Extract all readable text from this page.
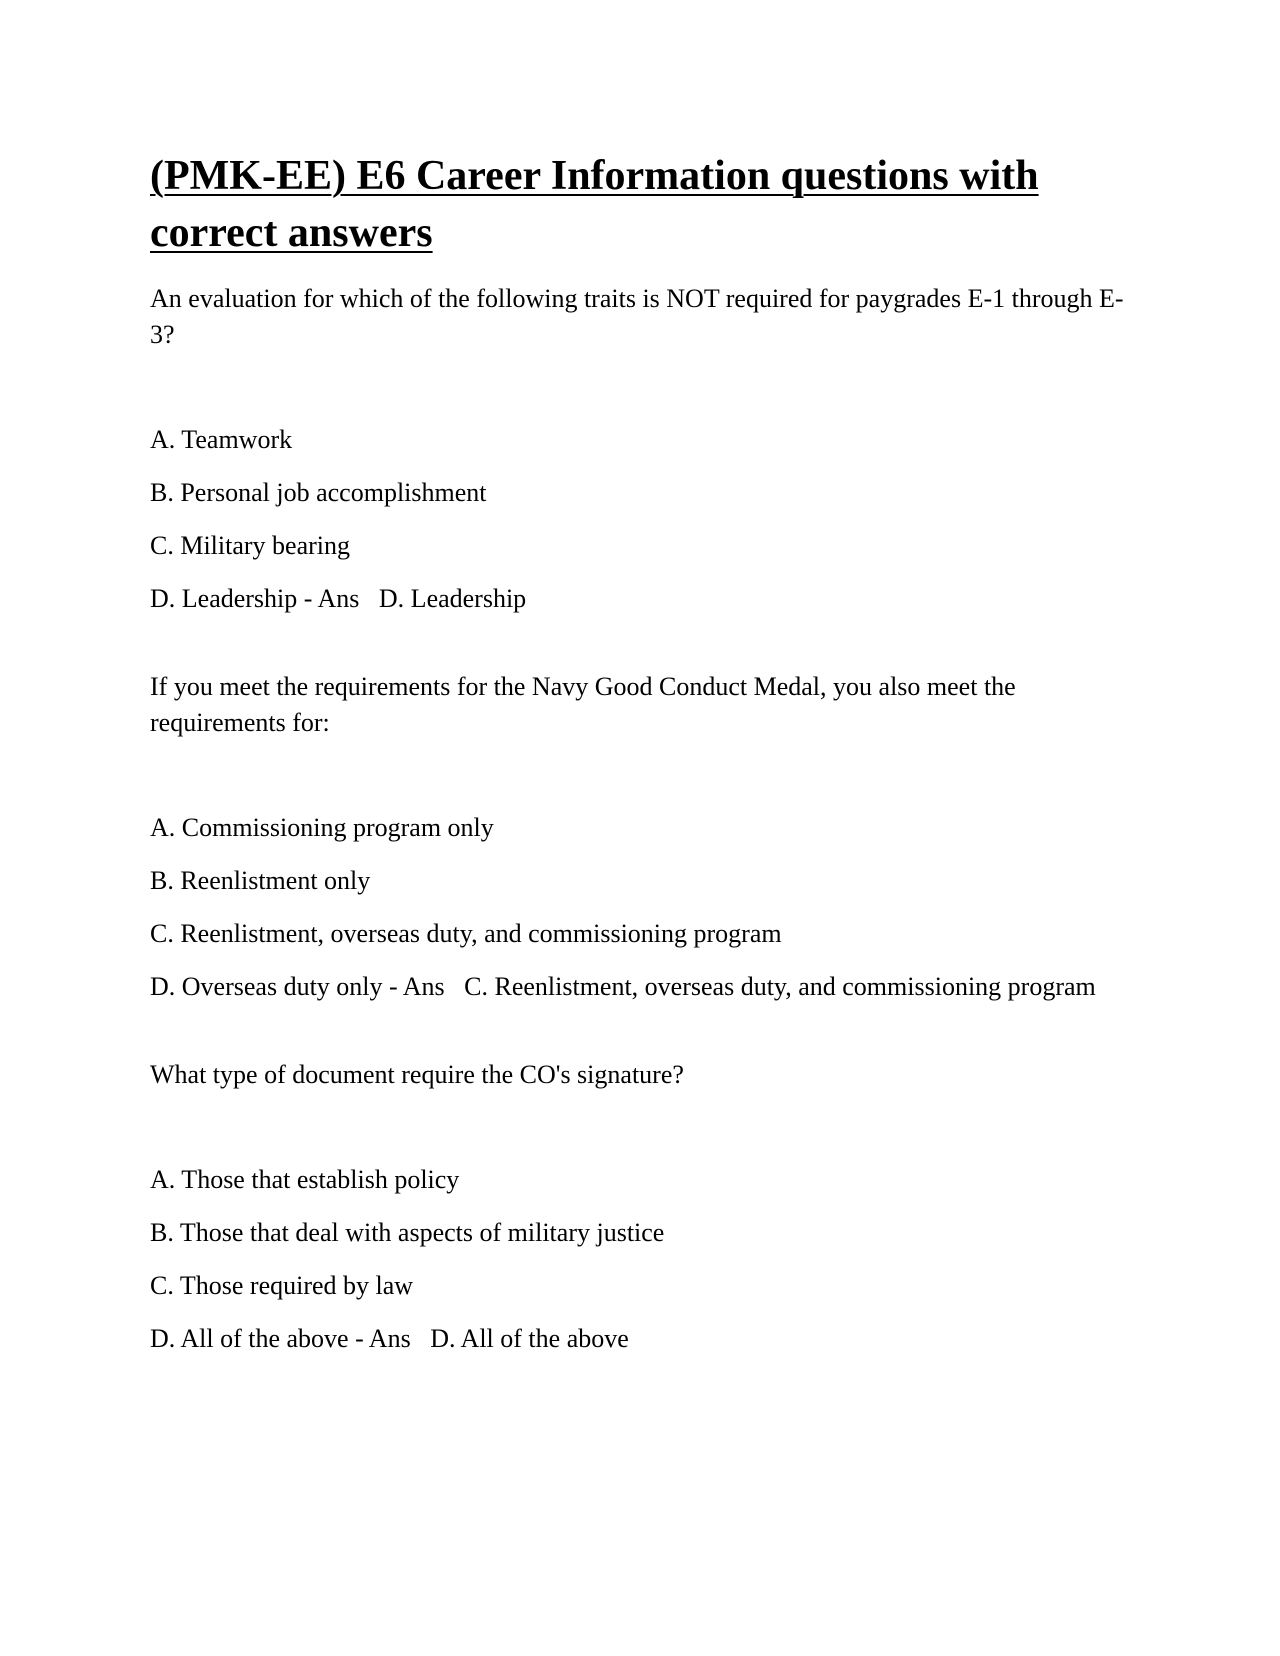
(PMK-EE) E6 Career Information questions with correct answers

An evaluation for which of the following traits is NOT required for paygrades E-1 through E-3?

A. Teamwork

B. Personal job accomplishment

C. Military bearing

D. Leadership - Ans D. Leadership

If you meet the requirements for the Navy Good Conduct Medal, you also meet the requirements for:

A. Commissioning program only

B. Reenlistment only

C. Reenlistment, overseas duty, and commissioning program

D. Overseas duty only - Ans C. Reenlistment, overseas duty, and commissioning program

What type of document require the CO's signature?

A. Those that establish policy

B. Those that deal with aspects of military justice

C. Those required by law

D. All of the above - Ans D. All of the above
